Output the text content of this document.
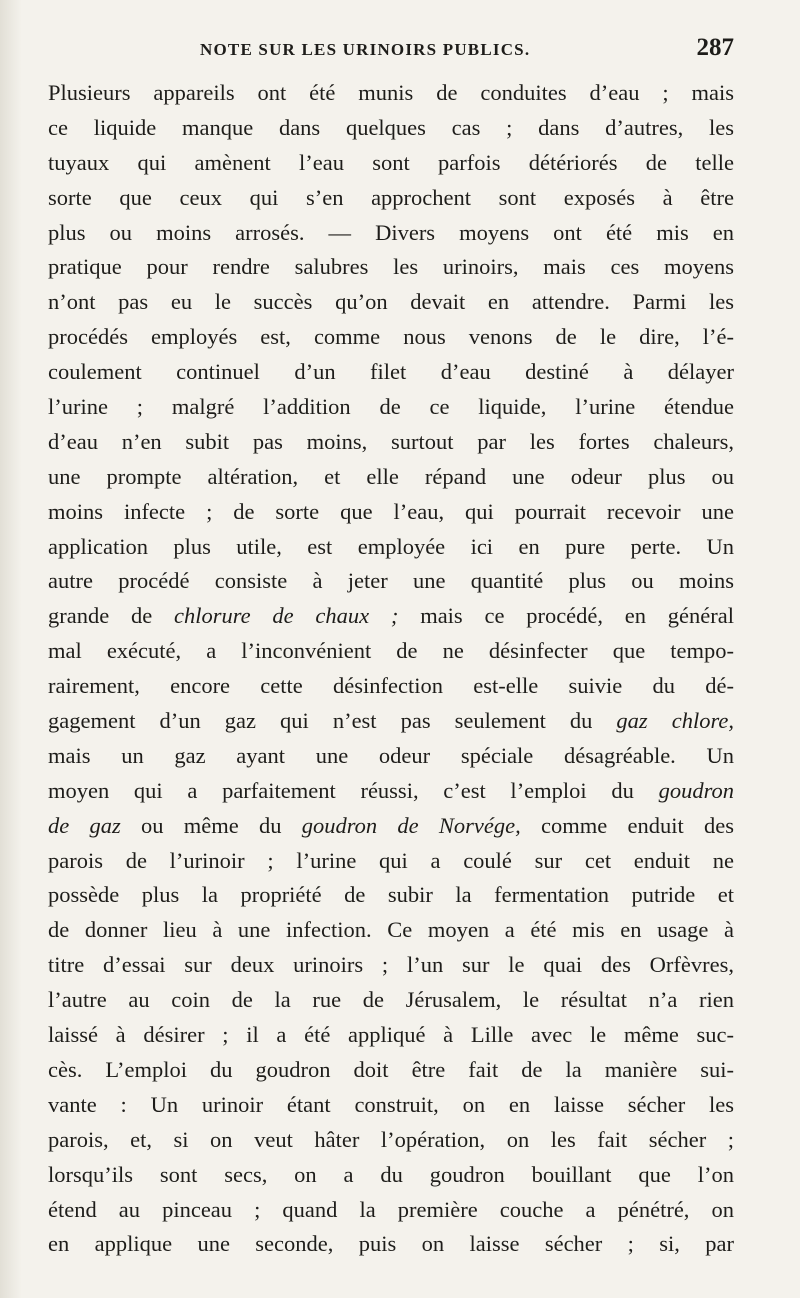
NOTE SUR LES URINOIRS PUBLICS.	287
Plusieurs appareils ont été munis de conduites d’eau ; mais
ce liquide manque dans quelques cas ; dans d’autres, les
tuyaux qui amènent l’eau sont parfois détériorés de telle
sorte que ceux qui s’en approchent sont exposés à être
plus ou moins arrosés. — Divers moyens ont été mis en
pratique pour rendre salubres les urinoirs, mais ces moyens
n’ont pas eu le succès qu’on devait en attendre. Parmi les
procédés employés est, comme nous venons de le dire, l’é-
coulement continuel d’un filet d’eau destiné à délayer
l’urine ; malgré l’addition de ce liquide, l’urine étendue
d’eau n’en subit pas moins, surtout par les fortes chaleurs,
une prompte altération, et elle répand une odeur plus ou
moins infecte ; de sorte que l’eau, qui pourrait recevoir une
application plus utile, est employée ici en pure perte. Un
autre procédé consiste à jeter une quantité plus ou moins
grande de chlorure de chaux ; mais ce procédé, en général
mal exécuté, a l’inconvénient de ne désinfecter que tempo-
rairement, encore cette désinfection est-elle suivie du dé-
gagement d’un gaz qui n’est pas seulement du gaz chlore,
mais un gaz ayant une odeur spéciale désagréable. Un
moyen qui a parfaitement réussi, c’est l’emploi du goudron
de gaz ou même du goudron de Norvége, comme enduit des
parois de l’urinoir ; l’urine qui a coulé sur cet enduit ne
possède plus la propriété de subir la fermentation putride et
de donner lieu à une infection. Ce moyen a été mis en usage à
titre d’essai sur deux urinoirs ; l’un sur le quai des Orfèvres,
l’autre au coin de la rue de Jérusalem, le résultat n’a rien
laissé à désirer ; il a été appliqué à Lille avec le même suc-
cès. L’emploi du goudron doit être fait de la manière sui-
vante : Un urinoir étant construit, on en laisse sécher les
parois, et, si on veut hâter l’opération, on les fait sécher ;
lorsqu’ils sont secs, on a du goudron bouillant que l’on
étend au pinceau ; quand la première couche a pénétré, on
en applique une seconde, puis on laisse sécher ; si, par
